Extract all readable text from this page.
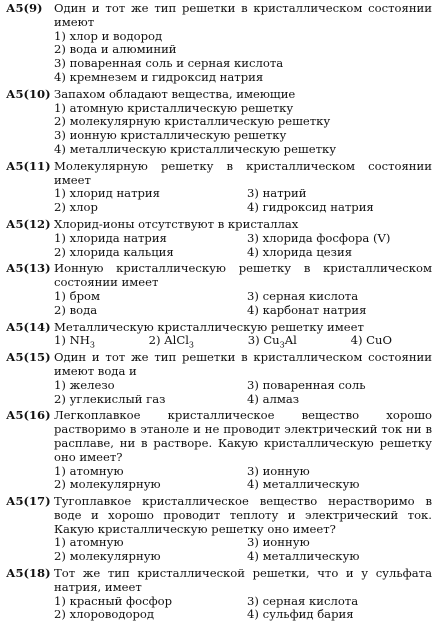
А5(9) Один и тот же тип решетки в кристаллическом состоянии имеют
1) хлор и водород
2) вода и алюминий
3) поваренная соль и серная кислота
4) кремнезем и гидроксид натрия
А5(10) Запахом обладают вещества, имеющие
1) атомную кристаллическую решетку
2) молекулярную кристаллическую решетку
3) ионную кристаллическую решетку
4) металлическую кристаллическую решетку
А5(11) Молекулярную решетку в кристаллическом состоянии имеет
1) хлорид натрия	3) натрий
2) хлор	4) гидроксид натрия
А5(12) Хлорид-ионы отсутствуют в кристаллах
1) хлорида натрия	3) хлорида фосфора (V)
2) хлорида кальция	4) хлорида цезия
А5(13) Ионную кристаллическую решетку в кристаллическом состоянии имеет
1) бром	3) серная кислота
2) вода	4) карбонат натрия
А5(14) Металлическую кристаллическую решетку имеет
1) $NH_3$	2) AlCl$_3$	3) $Cu_3Al$	4) CuO
А5(15) Один и тот же тип решетки в кристаллическом состоянии имеют вода и
1) железо	3) поваренная соль
2) углекислый газ	4) алмаз
А5(16) Легкоплавкое кристаллическое вещество хорошо растворимо в этаноле и не проводит электрический ток ни в расплаве, ни в растворе. Какую кристаллическую решетку оно имеет?
1) атомную	3) ионную
2) молекулярную	4) металлическую
А5(17) Тугоплавкое кристаллическое вещество нерастворимо в воде и хорошо проводит теплоту и электрический ток. Какую кристаллическую решетку оно имеет?
1) атомную	3) ионную
2) молекулярную	4) металлическую
А5(18) Тот же тип кристаллической решетки, что и у сульфата натрия, имеет
1) красный фосфор	3) серная кислота
2) хлороводород	4) сульфид бария
